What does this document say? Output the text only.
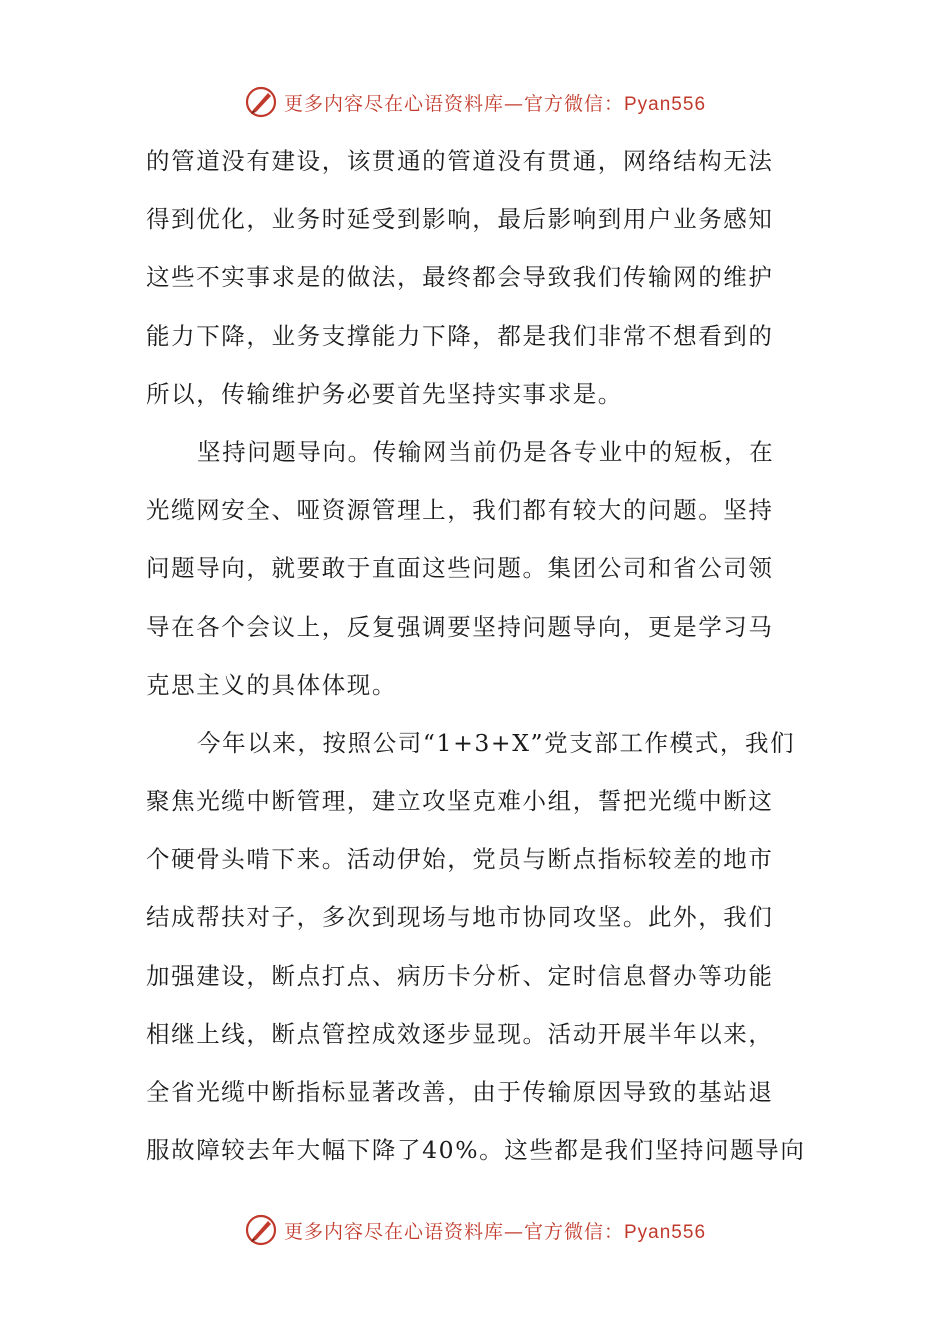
更多内容尽在心语资料库—官方微信：Pyan556
的管道没有建设，该贯通的管道没有贯通，网络结构无法
得到优化，业务时延受到影响，最后影响到用户业务感知
这些不实事求是的做法，最终都会导致我们传输网的维护
能力下降，业务支撑能力下降，都是我们非常不想看到的
所以，传输维护务必要首先坚持实事求是。
坚持问题导向。传输网当前仍是各专业中的短板，在
光缆网安全、哑资源管理上，我们都有较大的问题。坚持
问题导向，就要敢于直面这些问题。集团公司和省公司领
导在各个会议上，反复强调要坚持问题导向，更是学习马
克思主义的具体体现。
今年以来，按照公司“1+3+X”党支部工作模式，我们
聚焦光缆中断管理，建立攻坚克难小组，誓把光缆中断这
个硬骨头啃下来。活动伊始，党员与断点指标较差的地市
结成帮扶对子，多次到现场与地市协同攻坚。此外，我们
加强建设，断点打点、病历卡分析、定时信息督办等功能
相继上线，断点管控成效逐步显现。活动开展半年以来，
全省光缆中断指标显著改善，由于传输原因导致的基站退
服故障较去年大幅下降了40%。这些都是我们坚持问题导向
更多内容尽在心语资料库—官方微信：Pyan556
